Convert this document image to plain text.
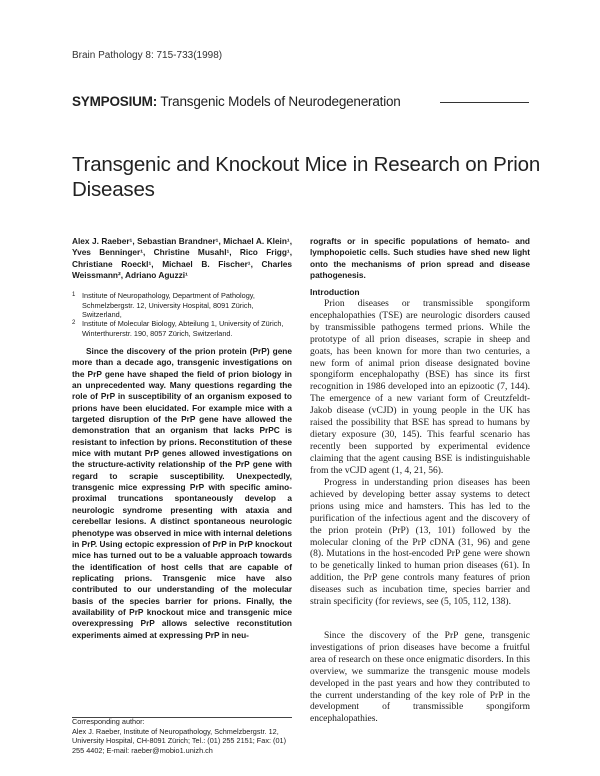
Brain Pathology 8: 715-733(1998)
SYMPOSIUM: Transgenic Models of Neurodegeneration
Transgenic and Knockout Mice in Research on Prion Diseases
Alex J. Raeber¹, Sebastian Brandner¹, Michael A. Klein¹, Yves Benninger¹, Christine Musahl¹, Rico Frigg¹, Christiane Roeckl¹, Michael B. Fischer¹, Charles Weissmann², Adriano Aguzzi¹
1 Institute of Neuropathology, Department of Pathology, Schmelzbergstr. 12, University Hospital, 8091 Zürich, Switzerland,
2 Institute of Molecular Biology, Abteilung 1, University of Zürich, Winterthurerstr. 190, 8057 Zürich, Switzerland.

Since the discovery of the prion protein (PrP) gene more than a decade ago, transgenic investigations on the PrP gene have shaped the field of prion biology in an unprecedented way. Many questions regarding the role of PrP in susceptibility of an organism exposed to prions have been elucidated. For example mice with a targeted disruption of the PrP gene have allowed the demonstration that an organism that lacks PrPC is resistant to infection by prions. Reconstitution of these mice with mutant PrP genes allowed investigations on the structure-activity relationship of the PrP gene with regard to scrapie susceptibility. Unexpectedly, transgenic mice expressing PrP with specific amino-proximal truncations spontaneously develop a neurologic syndrome presenting with ataxia and cerebellar lesions. A distinct spontaneous neurologic phenotype was observed in mice with internal deletions in PrP. Using ectopic expression of PrP in PrP knockout mice has turned out to be a valuable approach towards the identification of host cells that are capable of replicating prions. Transgenic mice have also contributed to our understanding of the molecular basis of the species barrier for prions. Finally, the availability of PrP knockout mice and transgenic mice overexpressing PrP allows selective reconstitution experiments aimed at expressing PrP in neu-

Corresponding author:
Alex J. Raeber, Institute of Neuropathology, Schmelzbergstr. 12, University Hospital, CH-8091 Zürich; Tel.: (01) 255 2151; Fax: (01) 255 4402; E-mail: raeber@mobio1.unizh.ch

rografts or in specific populations of hemato- and lymphopoietic cells. Such studies have shed new light onto the mechanisms of prion spread and disease pathogenesis.

Introduction

Prion diseases or transmissible spongiform encephalopathies (TSE) are neurologic disorders caused by transmissible pathogens termed prions. While the prototype of all prion diseases, scrapie in sheep and goats, has been known for more than two centuries, a new form of animal prion disease designated bovine spongiform encephalopathy (BSE) has since its first recognition in 1986 developed into an epizootic (7, 144). The emergence of a new variant form of Creutzfeldt-Jakob disease (vCJD) in young people in the UK has raised the possibility that BSE has spread to humans by dietary exposure (30, 145). This fearful scenario has recently been supported by experimental evidence claiming that the agent causing BSE is indistinguishable from the vCJD agent (1, 4, 21, 56).

Progress in understanding prion diseases has been achieved by developing better assay systems to detect prions using mice and hamsters. This has led to the purification of the infectious agent and the discovery of the prion protein (PrP) (13, 101) followed by the molecular cloning of the PrP cDNA (31, 96) and gene (8). Mutations in the host-encoded PrP gene were shown to be genetically linked to human prion diseases (61). In addition, the PrP gene controls many features of prion diseases such as incubation time, species barrier and strain specificity (for reviews, see (5, 105, 112, 138).

Since the discovery of the PrP gene, transgenic investigations of prion diseases have become a fruitful area of research on these once enigmatic disorders. In this overview, we summarize the transgenic mouse models developed in the past years and how they contributed to the current understanding of the key role of PrP in the development of transmissible spongiform encephalopathies.
